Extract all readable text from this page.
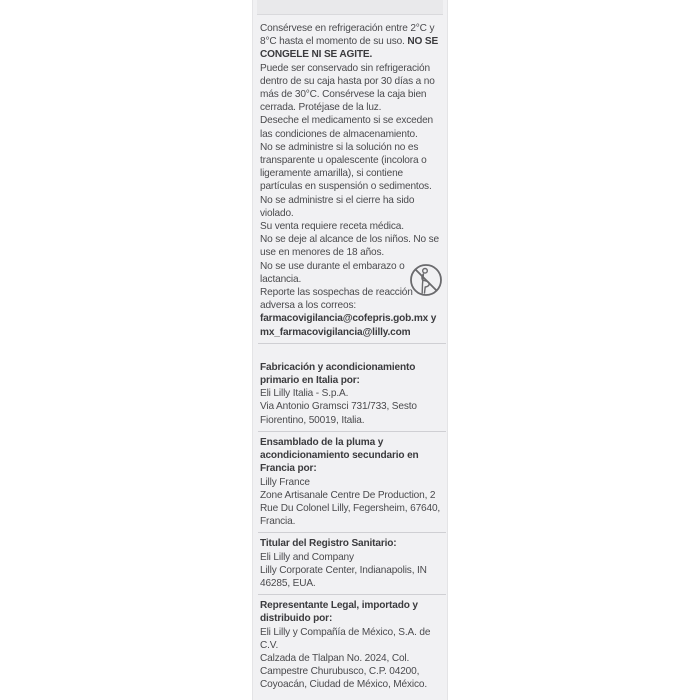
Consérvese en refrigeración entre 2°C y 8°C hasta el momento de su uso. NO SE CONGELE NI SE AGITE.

Puede ser conservado sin refrigeración dentro de su caja hasta por 30 días a no más de 30°C. Consérvese la caja bien cerrada. Protéjase de la luz.

Deseche el medicamento si se exceden las condiciones de almacenamiento.

No se administre si la solución no es transparente u opalescente (incolora o ligeramente amarilla), si contiene partículas en suspensión o sedimentos.

No se administre si el cierre ha sido violado.

Su venta requiere receta médica.

No se deje al alcance de los niños. No se use en menores de 18 años.

No se use durante el embarazo o lactancia.

Reporte las sospechas de reacción adversa a los correos:

farmacovigilancia@cofepris.gob.mx y

mx_farmacovigilancia@lilly.com

Fabricación y acondicionamiento primario en Italia por:

Eli Lilly Italia - S.p.A.

Via Antonio Gramsci 731/733, Sesto Fiorentino, 50019, Italia.

Ensamblado de la pluma y acondicionamiento secundario en Francia por:

Lilly France

Zone Artisanale Centre De Production, 2 Rue Du Colonel Lilly, Fegersheim, 67640, Francia.

Titular del Registro Sanitario:

Eli Lilly and Company

Lilly Corporate Center, Indianapolis, IN 46285, EUA.

Representante Legal, importado y distribuido por:

Eli Lilly y Compañía de México, S.A. de C.V.

Calzada de Tlalpan No. 2024, Col. Campestre Churubusco, C.P. 04200, Coyoacán, Ciudad de México, México.
